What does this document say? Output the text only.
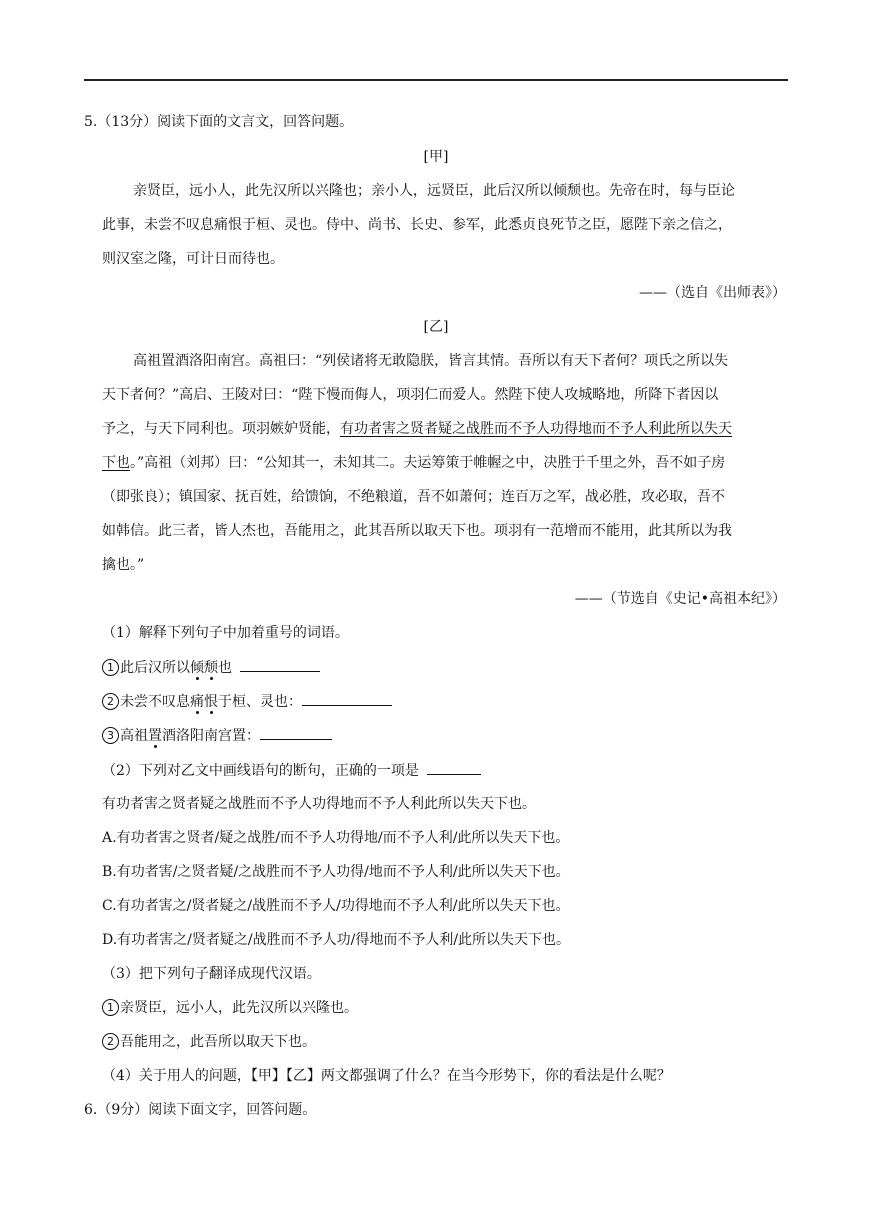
5.（13分）阅读下面的文言文，回答问题。
[甲]
亲贤臣，远小人，此先汉所以兴隆也；亲小人，远贤臣，此后汉所以倾颓也。先帝在时，每与臣论
此事，未尝不叹息痛恨于桓、灵也。侍中、尚书、长史、参军，此悉贞良死节之臣，愿陛下亲之信之，
则汉室之隆，可计日而待也。
——（选自《出师表》）
[乙]
高祖置酒洛阳南宫。高祖曰：“列侯诸将无敢隐朕，皆言其情。吾所以有天下者何？项氏之所以失
天下者何？”高启、王陵对曰：“陛下慢而侮人，项羽仁而爱人。然陛下使人攻城略地，所降下者因以
予之，与天下同利也。项羽嫉妒贤能，有功者害之贤者疑之战胜而不予人功得地而不予人利此所以失天
下也。”高祖（刘邦）曰：“公知其一，未知其二。夫运筹策于帷幄之中，决胜于千里之外，吾不如子房
（即张良）；镇国家、抚百姓，给馈饷，不绝粮道，吾不如萧何；连百万之军，战必胜，攻必取，吾不
如韩信。此三者，皆人杰也，吾能用之，此其吾所以取天下也。项羽有一范增而不能用，此其所以为我
擒也。”
——（节选自《史记•高祖本纪》）
（1）解释下列句子中加着重号的词语。
1 此后汉所以倾颓也
2 未尝不叹息痛恨于桓、灵也：
3 高祖置酒洛阳南宫置：
（2）下列对乙文中画线语句的断句，正确的一项是
有功者害之贤者疑之战胜而不予人功得地而不予人利此所以失天下也。
A.有功者害之贤者/疑之战胜/而不予人功得地/而不予人利/此所以失天下也。
B.有功者害/之贤者疑/之战胜而不予人功得/地而不予人利/此所以失天下也。
C.有功者害之/贤者疑之/战胜而不予人/功得地而不予人利/此所以失天下也。
D.有功者害之/贤者疑之/战胜而不予人功/得地而不予人利/此所以失天下也。
（3）把下列句子翻译成现代汉语。
1 亲贤臣，远小人，此先汉所以兴隆也。
2 吾能用之，此吾所以取天下也。
（4）关于用人的问题，【甲】【乙】两文都强调了什么？在当今形势下，你的看法是什么呢？
6.（9分）阅读下面文字，回答问题。
